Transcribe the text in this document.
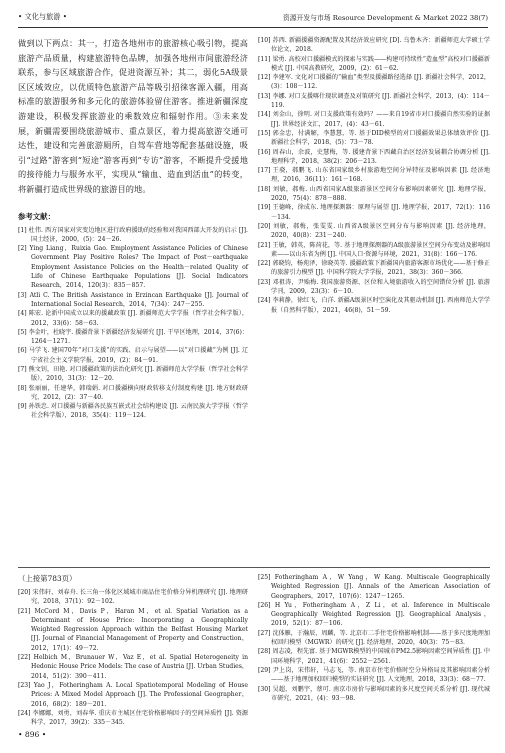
• 文化与旅游 •	资源开发与市场 Resource Development & Market 2022 38(7)

做到以下两点：其一，打造各地州市的旅游核心吸引物，提高旅游产品质量，构建旅游特色品牌，加强各地州市间旅游经济联系，参与区域旅游合作，促进资源互补；其二，弱化5A级景区区域效应，以优质特色旅游产品等吸引招徕客源入疆，用高标准的旅游服务和多元化的旅游体验留住游客。推进新疆深度游建设，积极发挥旅游业的乘数效应和辐射作用。③未来发展，新疆需要围绕旅游城市、重点景区，着力提高旅游交通可达性，建设和完善旅游厕所，自驾车营地等配套基础设施，吸引“过路”游客到“短途”游客再到“专访”游客，不断提升受援地的接待能力与服务水平，实现从“输血、造血到活血”的转变，将新疆打造成世界级的旅游目的地。

参考文献：
[1] 杜伟. 西方国家对灾变边地区进行政府援助的经验和对我国西部大开发的启示 [J]. 国土经济，2000，(5)：24－26.
[2] Ying Liang，Ruixia Gao. Employment Assistance Policies of Chinese Government Play Positive Roles? The Impact of Post－earthquake Employment Assistance Policies on the Health－related Quality of Life of Chinese Earthquake Populations [J]. Social Indicators Research，2014，120(3)：835－857.
[3] Atli C. The British Assistance in Erzincan Earthquake [J]. Journal of International Social Research，2014，7(34)：247－255.
[4] 陈宏. 论新中国成立以来的援藏政策 [J]. 新疆师范大学学报（哲学社会科学版），2012，33(6)：58－63.
[5] 李金叶，杜晓宇. 援疆背景下新疆经济发展研究 [J]. 干旱区地理，2014，37(6)：1264－1271.
[6] 马学飞. 建国70年“对口支援”的实践、启示与展望——以“对口援藏”为例 [J]. 辽宁省社会主义学院学报，2019，(2)：84－91.
[7] 熊文钊，田艳. 对口援疆政策的法治化研究 [J]. 新疆师范大学学报（哲学社会科学版），2010，31(3)：12－20.
[8] 张丽丽，任建华，韩瑞娟. 对口援疆横向财政转移支付制度构建 [J]. 地方财政研究，2012，(2)：37－40.
[9] 孙铁忠. 对口援疆与新疆各民族互嵌式社会结构建设 [J]. 云南民族大学学报（哲学社会科学版），2018，35(4)：119－124.
[10] 苏西. 新疆援疆资源配置及其经济效应研究 [D]. 乌鲁木齐：新疆师范大学硕士学位论文，2018.
[11] 梁勇. 高校对口援疆模式的探索与实践——构建可持续性“造血型”高校对口援疆新模式 [J]. 中国高教研究，2009，(2)：61－62.
[12] 李建军. 文化对口援疆的“输血”类型及援疆路径选择 [J]. 新疆社会科学，2012，(3)：108－112.
[13] 李娜. 对口支援喀什现状调查及对策研究 [J]. 新疆社会科学，2013，(4)：114－119.
[14] 刘金山，徐明. 对口支援政策有效吗？——来自19省市对口援疆自然实验的证据 [J]. 世界经济文汇，2017，(4)：43－61.
[15] 郭金忠，付满解，李慧慧，等. 基于DID模型的对口援疆效果总体绩效评价 [J]. 新疆社会科学，2018，(5)：73－78.
[16] 周春山，余波，史慧梅，等. 援建背景下西藏自治区经济发展耦合协调分析 [J]. 地理科学，2018，38(2)：206－213.
[17] 王骁，郝鹏飞. 山东省国家级乡村旅游地空间分异特征及影响因素 [J]. 经济地理，2016，36(11)：161－168.
[18] 刘敏，郝梅. 山西省国家A级旅游景区空间分布影响因素研究 [J]. 地理学报，2020，75(4)：878－888.
[19] 王德峰，徐成东. 地理探测器：原理与展望 [J]. 地理学报，2017，72(1)：116－134.
[20] 刘敏，郝梅，张雯雯. 山西省A级景区空间分布与影响因素 [J]. 经济地理，2020，40(8)：231－240.
[21] 王敏，韩英，陈荷花，等. 基于地理探测器的A级旅游景区空间分布变动及影响因素——以山东省为例 [J]. 中国人口·资源与环境，2021，31(8)：166－176.
[22] 郭晓钧，杨苑泽，徐晓英等. 援疆政策下新疆国内旅游客源市场优化——基于修正的旅游引力模型 [J]. 中国科学院大学学报，2021，38(3)：360－366.
[23] 邓祖涛，尹贻梅. 我国旅游资源、区位和入境旅游收入的空间错位分析 [J]. 旅游学刊，2009，23(3)：6－10.
[24] 李莉静，徐红飞，白洋. 新疆A级景区时空演化及其驱动机制 [J]. 西南师范大学学报（自然科学版），2021，46(8)，51－59.
（上接第783页）
[20] 宋伟轩，刘春舟. 长三角一体化区域城市商品住宅价格分异机理研究 [J]. 地理研究，2018，37(1)：92－102.
[21] McCord M，Davis P，Haran M，et al. Spatial Variation as a Determinant of House Price: Incorporating a Geographically Weighted Regression Approach within the Belfast Housing Market [J]. Journal of Financial Management of Property and Construction，2012，17(1)：49－72.
[22] Helbich M，Brunauer W，Vaz E，et al. Spatial Heterogeneity in Hedonic House Price Models: The case of Austria [J]. Urban Studies，2014，51(2)：390－411.
[23] Yao J，Fotheringham A. Local Spatiotemporal Modeling of House Prices: A Mixed Model Approach [J]. The Professional Geographer，2016，68(2)：189－201.
[24] 李娜娜，刘勇，刘春华. 重庆市主城区住宅价格影响因子的空间异质性 [J]. 资源科学，2017，39(2)：335－345.
[25] Fotheringham A，W Yang，W Kang. Multiscale Geographically Weighted Regression [J]. Annals of the American Association of Geographers，2017，107(6)：1247－1265.
[26] H Yu，Fotheringham A，Z Li，et al. Inference in Multiscale Geographically Weighted Regression [J]. Geographical Analysis，2019，52(1)：87－106.
[27] 沈体雁，于瀚辰，周麟，等. 北京市二手住宅价格影响机制——基于多尺度地理加权回归模型（MGWR）的研究 [J]. 经济地理，2020，40(3)：75－83.
[28] 周志凌，程先富. 基于MGWR模型的中国城市PM2.5影响因素空间异质性 [J]. 中国环境科学，2021，41(6)：2552－2561.
[29] 尹上岗，宋伟轩，马志飞，等. 南京市住宅价格时空分异格局及其影响因素分析——基于地理加权回归模型的实证研究 [J]. 人文地理，2018，33(3)：68－77.
[30] 吴超，刘鹏宇，蔡可. 南京市房价与影响因素的多尺度空间关系分析 [J]. 现代城市研究，2021，(4)：93－98.
• 896 •
